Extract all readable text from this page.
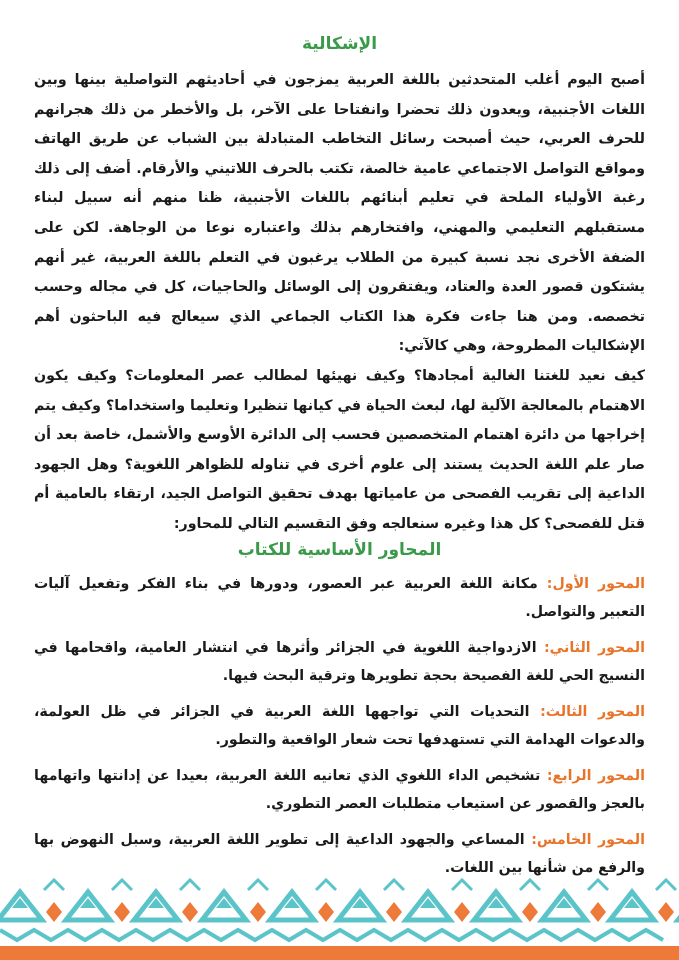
الإشكالية

أصبح اليوم أغلب المتحدثين باللغة العربية يمزجون في أحاديثهم التواصلية بينها وبين اللغات الأجنبية، ويعدون ذلك تحضرا وانفتاحا على الآخر، بل والأخطر من ذلك هجرانهم للحرف العربي، حيث أصبحت رسائل التخاطب المتبادلة بين الشباب عن طريق الهاتف ومواقع التواصل الاجتماعي عامية خالصة، تكتب بالحرف اللاتيني والأرقام. أضف إلى ذلك رغبة الأولياء الملحة في تعليم أبنائهم باللغات الأجنبية، ظنا منهم أنه سبيل لبناء مستقبلهم التعليمي والمهني، وافتخارهم بذلك واعتباره نوعا من الوجاهة. لكن على الضفة الأخرى نجد نسبة كبيرة من الطلاب يرغبون في التعلم باللغة العربية، غير أنهم يشتكون قصور العدة والعتاد، ويفتقرون إلى الوسائل والحاجيات، كل في مجاله وحسب تخصصه. ومن هنا جاءت فكرة هذا الكتاب الجماعي الذي سيعالج فيه الباحثون أهم الإشكاليات المطروحة، وهي كالآتي:

كيف نعيد للغتنا الغالية أمجادها؟ وكيف نهيئها لمطالب عصر المعلومات؟ وكيف يكون الاهتمام بالمعالجة الآلية لها، لبعث الحياة في كيانها تنظيرا وتعليما واستخداما؟ وكيف يتم إخراجها من دائرة اهتمام المتخصصين فحسب إلى الدائرة الأوسع والأشمل، خاصة بعد أن صار علم اللغة الحديث يستند إلى علوم أخرى في تناوله للظواهر اللغوية؟ وهل الجهود الداعية إلى تقريب الفصحى من عامياتها بهدف تحقيق التواصل الجيد، ارتقاء بالعامية أم قتل للفصحى؟ كل هذا وغيره سنعالجه وفق التقسيم التالي للمحاور:

المحاور الأساسية للكتاب

المحور الأول: مكانة اللغة العربية عبر العصور، ودورها في بناء الفكر وتفعيل آليات التعبير والتواصل.

المحور الثاني: الازدواجية اللغوية في الجزائر وأثرها في انتشار العامية، واقحامها في النسيج الحي للغة الفصيحة بحجة تطويرها وترقية البحث فيها.

المحور الثالث: التحديات التي تواجهها اللغة العربية في الجزائر في ظل العولمة، والدعوات الهدامة التي تستهدفها تحت شعار الواقعية والتطور.

المحور الرابع: تشخيص الداء اللغوي الذي تعانيه اللغة العربية، بعيدا عن إدانتها واتهامها بالعجز والقصور عن استيعاب متطلبات العصر التطوري.

المحور الخامس: المساعي والجهود الداعية إلى تطوير اللغة العربية، وسبل النهوض بها والرفع من شأنها بين اللغات.
